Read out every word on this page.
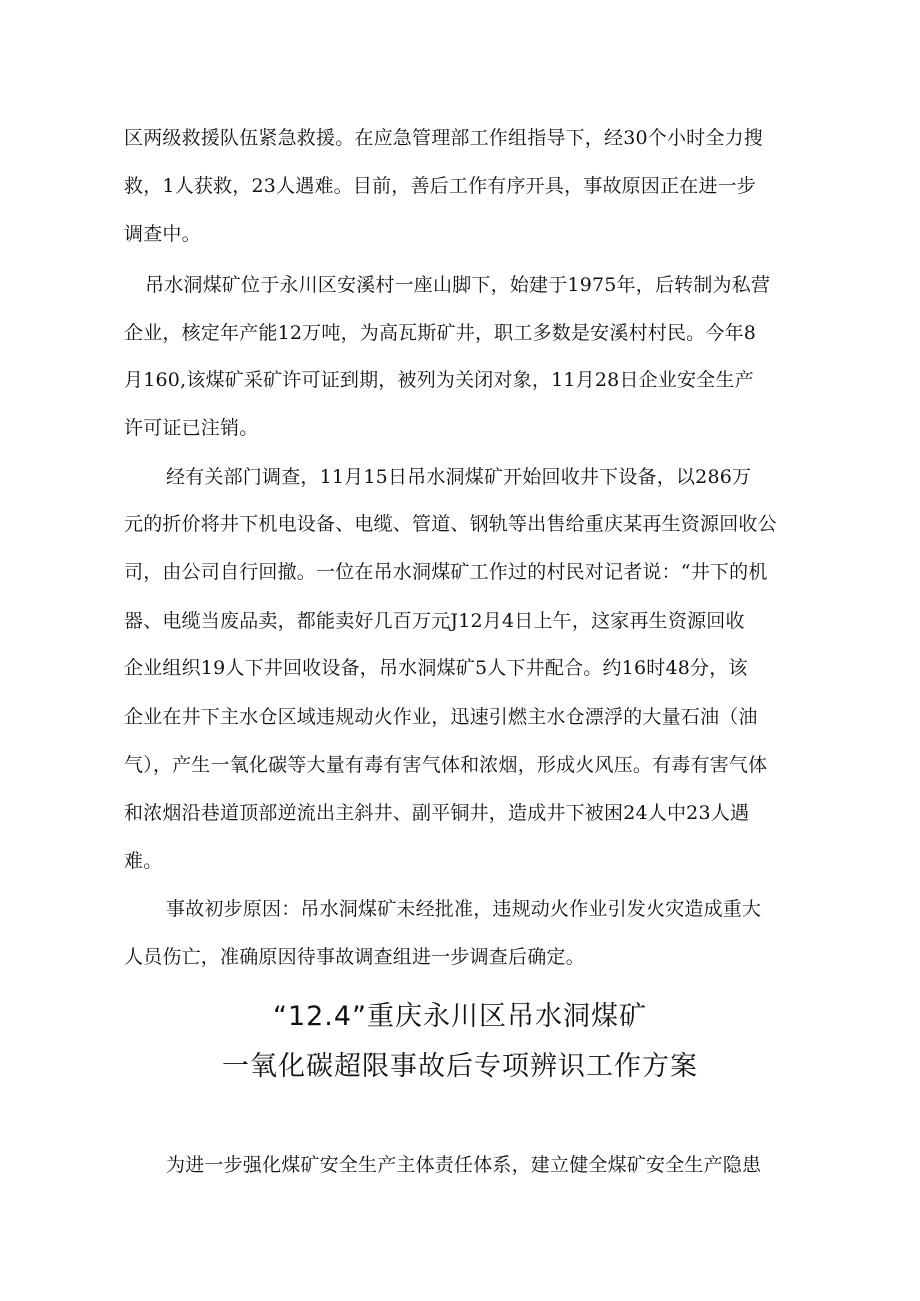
区两级救援队伍紧急救援。在应急管理部工作组指导下，经30个小时全力搜
救，1人获救，23人遇难。目前，善后工作有序开具，事故原因正在进一步
调查中。
吊水洞煤矿位于永川区安溪村一座山脚下，始建于1975年，后转制为私营
企业，核定年产能12万吨，为高瓦斯矿井，职工多数是安溪村村民。今年8
月160,该煤矿采矿许可证到期，被列为关闭对象，11月28日企业安全生产
许可证已注销。
经有关部门调查，11月15日吊水洞煤矿开始回收井下设备，以286万
元的折价将井下机电设备、电缆、管道、钢轨等出售给重庆某再生资源回收公
司，由公司自行回撤。一位在吊水洞煤矿工作过的村民对记者说：“井下的机
器、电缆当废品卖，都能卖好几百万元J12月4日上午，这家再生资源回收
企业组织19人下井回收设备，吊水洞煤矿5人下井配合。约16时48分，该
企业在井下主水仓区域违规动火作业，迅速引燃主水仓漂浮的大量石油（油
气），产生一氧化碳等大量有毒有害气体和浓烟，形成火风压。有毒有害气体
和浓烟沿巷道顶部逆流出主斜井、副平铜井，造成井下被困24人中23人遇
难。
事故初步原因：吊水洞煤矿未经批准，违规动火作业引发火灾造成重大
人员伤亡，准确原因待事故调查组进一步调查后确定。
“12.4”重庆永川区吊水洞煤矿
一氧化碳超限事故后专项辨识工作方案
为进一步强化煤矿安全生产主体责任体系，建立健全煤矿安全生产隐患
